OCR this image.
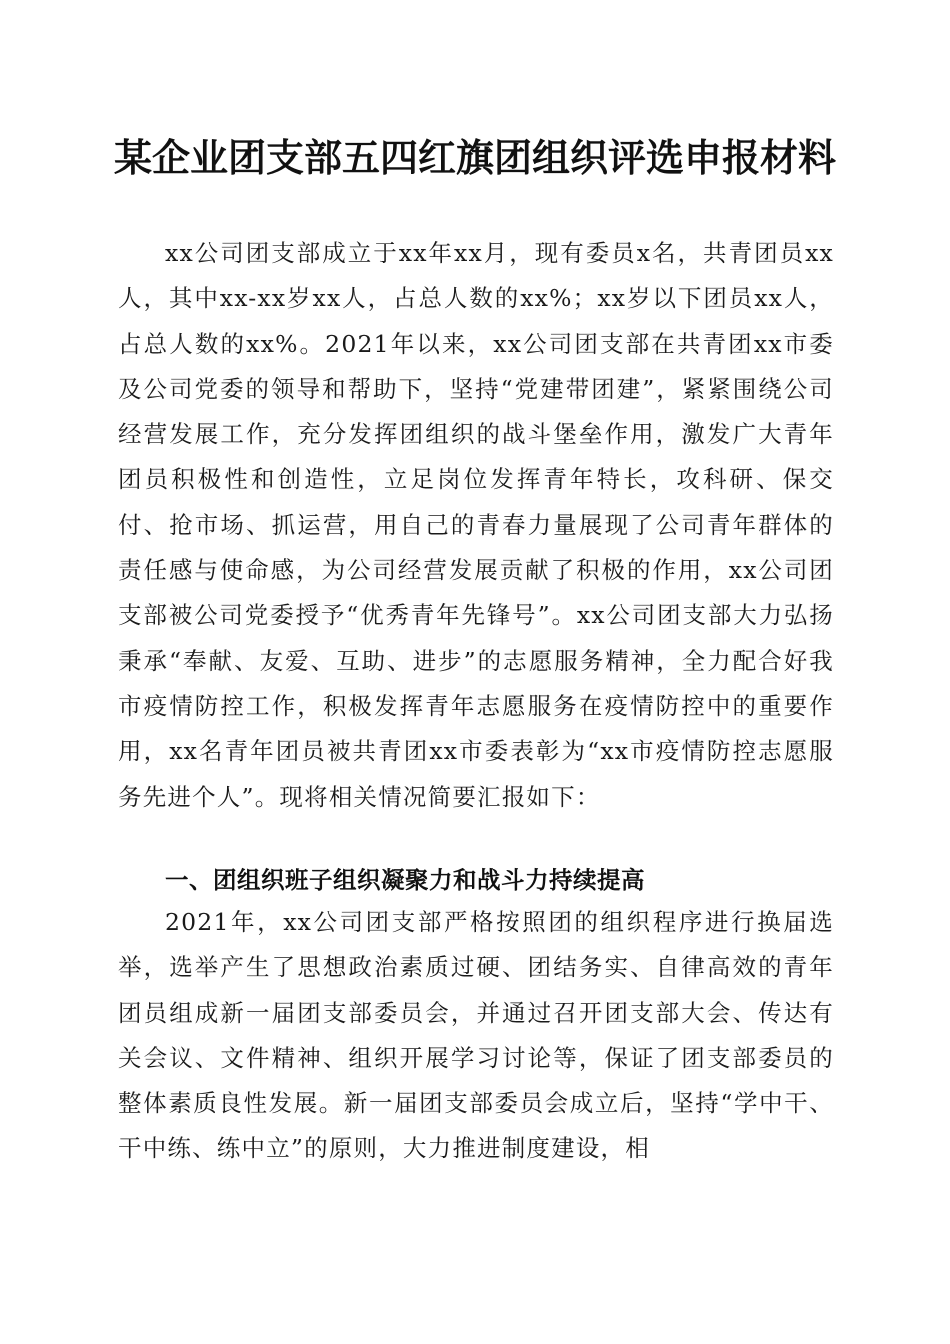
某企业团支部五四红旗团组织评选申报材料

xx公司团支部成立于xx年xx月，现有委员x名，共青团员xx人，其中xx-xx岁xx人，占总人数的xx%；xx岁以下团员xx人，占总人数的xx%。2021年以来，xx公司团支部在共青团xx市委及公司党委的领导和帮助下，坚持“党建带团建”，紧紧围绕公司经营发展工作，充分发挥团组织的战斗堡垒作用，激发广大青年团员积极性和创造性，立足岗位发挥青年特长，攻科研、保交付、抢市场、抓运营，用自己的青春力量展现了公司青年群体的责任感与使命感，为公司经营发展贡献了积极的作用，xx公司团支部被公司党委授予“优秀青年先锋号”。xx公司团支部大力弘扬秉承“奉献、友爱、互助、进步”的志愿服务精神，全力配合好我市疫情防控工作，积极发挥青年志愿服务在疫情防控中的重要作用，xx名青年团员被共青团xx市委表彰为“xx市疫情防控志愿服务先进个人”。现将相关情况简要汇报如下：

一、团组织班子组织凝聚力和战斗力持续提高

2021年，xx公司团支部严格按照团的组织程序进行换届选举，选举产生了思想政治素质过硬、团结务实、自律高效的青年团员组成新一届团支部委员会，并通过召开团支部大会、传达有关会议、文件精神、组织开展学习讨论等，保证了团支部委员的整体素质良性发展。新一届团支部委员会成立后，坚持“学中干、干中练、练中立”的原则，大力推进制度建设，相
